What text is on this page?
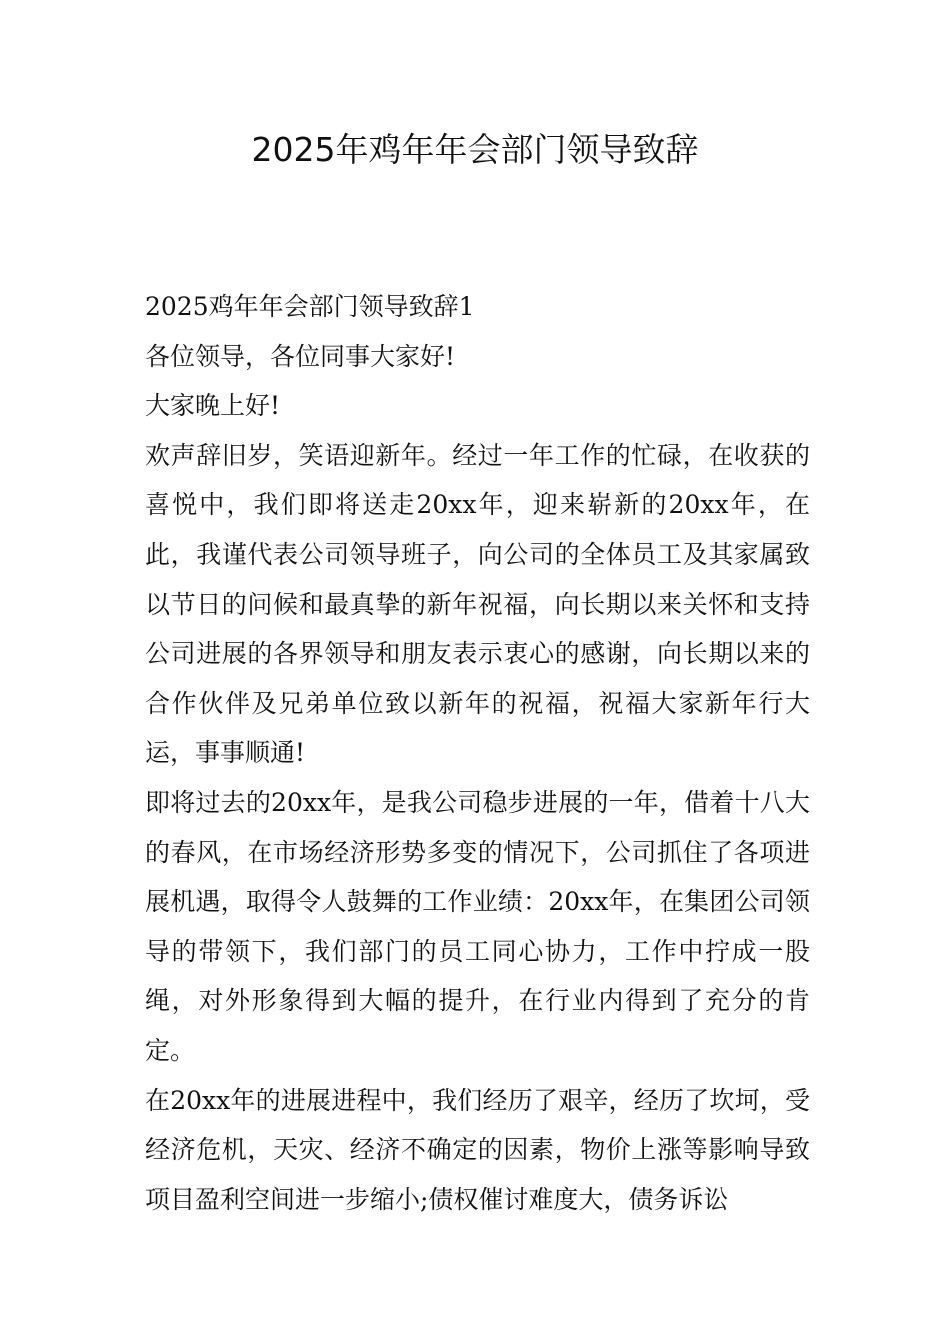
2025年鸡年年会部门领导致辞

2025鸡年年会部门领导致辞1

各位领导，各位同事大家好!

大家晚上好!

欢声辞旧岁，笑语迎新年。经过一年工作的忙碌，在收获的喜悦中，我们即将送走20xx年，迎来崭新的20xx年，在此，我谨代表公司领导班子，向公司的全体员工及其家属致以节日的问候和最真挚的新年祝福，向长期以来关怀和支持公司进展的各界领导和朋友表示衷心的感谢，向长期以来的合作伙伴及兄弟单位致以新年的祝福，祝福大家新年行大运，事事顺通!

即将过去的20xx年，是我公司稳步进展的一年，借着十八大的春风，在市场经济形势多变的情况下，公司抓住了各项进展机遇，取得令人鼓舞的工作业绩：20xx年，在集团公司领导的带领下，我们部门的员工同心协力，工作中拧成一股绳，对外形象得到大幅的提升，在行业内得到了充分的肯定。

在20xx年的进展进程中，我们经历了艰辛，经历了坎坷，受经济危机，天灾、经济不确定的因素，物价上涨等影响导致项目盈利空间进一步缩小;债权催讨难度大，债务诉讼
